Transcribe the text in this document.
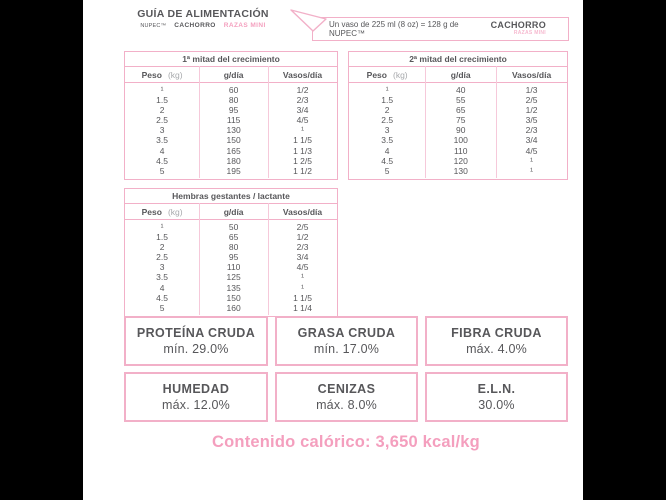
GUÍA DE ALIMENTACIÓN
NUPEC™ CACHORRO RAZAS MINI	Un vaso de 225 ml (8 oz) = 128 g de NUPEC™
CACHORRO
RAZAS MINI
1ª mitad del crecimiento
Peso (kg)	g/día	Vasos/día
¹	60	1/2
1.5	80	2/3
2	95	3/4
2.5	115	4/5
3	130	¹
3.5	150	1 1/5
4	165	1 1/3
4.5	180	1 2/5
5	195	1 1/2
2ª mitad del crecimiento
Peso (kg)	g/día	Vasos/día
¹	40	1/3
1.5	55	2/5
2	65	1/2
2.5	75	3/5
3	90	2/3
3.5	100	3/4
4	110	4/5
4.5	120	¹
5	130	¹
Hembras gestantes / lactante
Peso (kg)	g/día	Vasos/día
¹	50	2/5
1.5	65	1/2
2	80	2/3
2.5	95	3/4
3	110	4/5
3.5	125	¹
4	135	¹
4.5	150	1 1/5
5	160	1 1/4
PROTEÍNA CRUDA
mín. 29.0%
GRASA CRUDA
mín. 17.0%
FIBRA CRUDA
máx. 4.0%
HUMEDAD
máx. 12.0%
CENIZAS
máx. 8.0%
E.L.N.
30.0%
Contenido calórico: 3,650 kcal/kg
